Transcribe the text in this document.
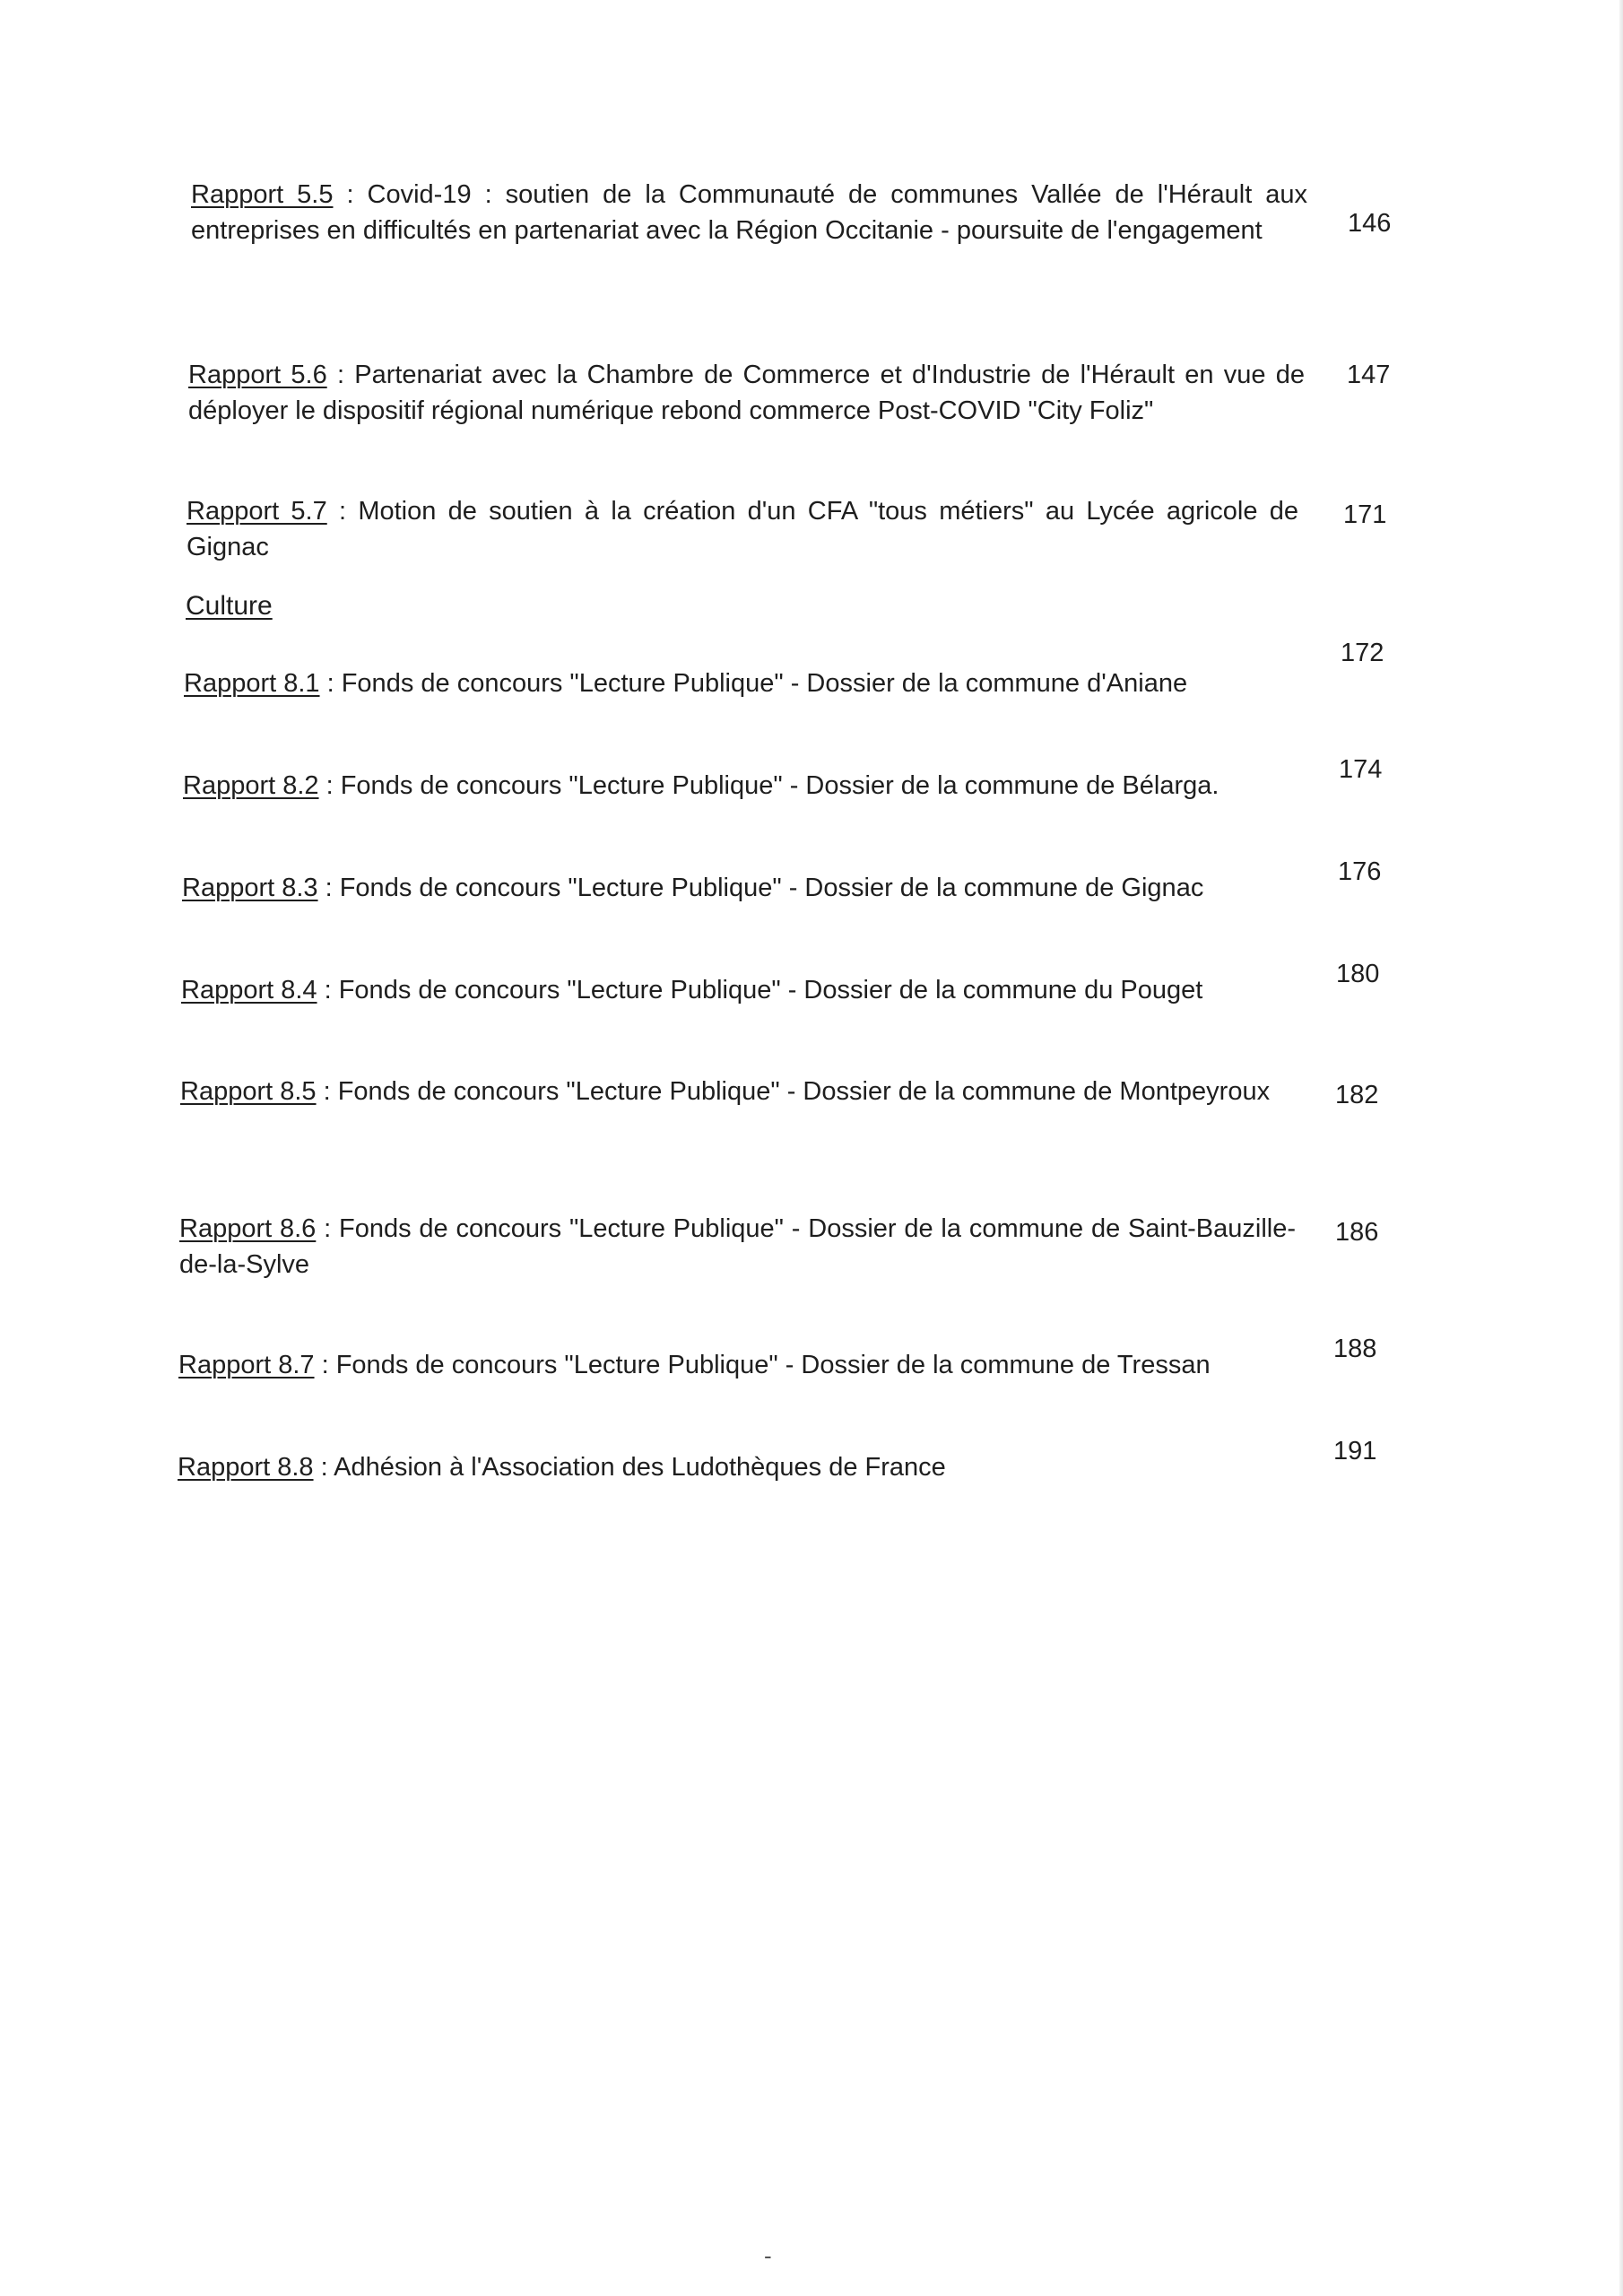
Rapport 5.5 : Covid-19 : soutien de la Communauté de communes Vallée de l'Hérault aux entreprises en difficultés en partenariat avec la Région Occitanie - poursuite de l'engagement	146
Rapport 5.6 : Partenariat avec la Chambre de Commerce et d'Industrie de l'Hérault en vue de déployer le dispositif régional numérique rebond commerce Post-COVID "City Foliz"
147
Rapport 5.7 : Motion de soutien à la création d'un CFA "tous métiers" au Lycée agricole de Gignac
171
Culture
Rapport 8.1 : Fonds de concours "Lecture Publique" - Dossier de la commune d'Aniane
172
Rapport 8.2 : Fonds de concours "Lecture Publique" - Dossier de la commune de Bélarga.
174
Rapport 8.3 : Fonds de concours "Lecture Publique" - Dossier de la commune de Gignac
176
Rapport 8.4 : Fonds de concours "Lecture Publique" - Dossier de la commune du Pouget
180
Rapport 8.5 : Fonds de concours "Lecture Publique" - Dossier de la commune de Montpeyroux	182
Rapport 8.6 : Fonds de concours "Lecture Publique" - Dossier de la commune de Saint-Bauzille-de-la-Sylve
186
Rapport 8.7 : Fonds de concours "Lecture Publique" - Dossier de la commune de Tressan
188
Rapport 8.8 : Adhésion à l'Association des Ludothèques de France
191
-
